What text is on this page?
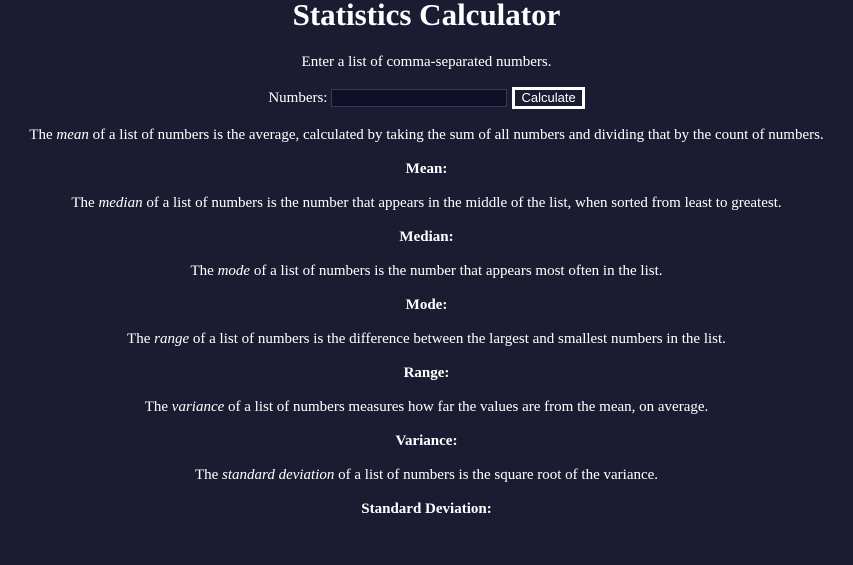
Statistics Calculator

Enter a list of comma-separated numbers.

Numbers:	Calculate

The mean of a list of numbers is the average, calculated by taking the sum of all numbers and dividing that by the count of numbers.

Mean:

The median of a list of numbers is the number that appears in the middle of the list, when sorted from least to greatest.

Median:

The mode of a list of numbers is the number that appears most often in the list.

Mode:

The range of a list of numbers is the difference between the largest and smallest numbers in the list.

Range:

The variance of a list of numbers measures how far the values are from the mean, on average.

Variance:

The standard deviation of a list of numbers is the square root of the variance.

Standard Deviation:
